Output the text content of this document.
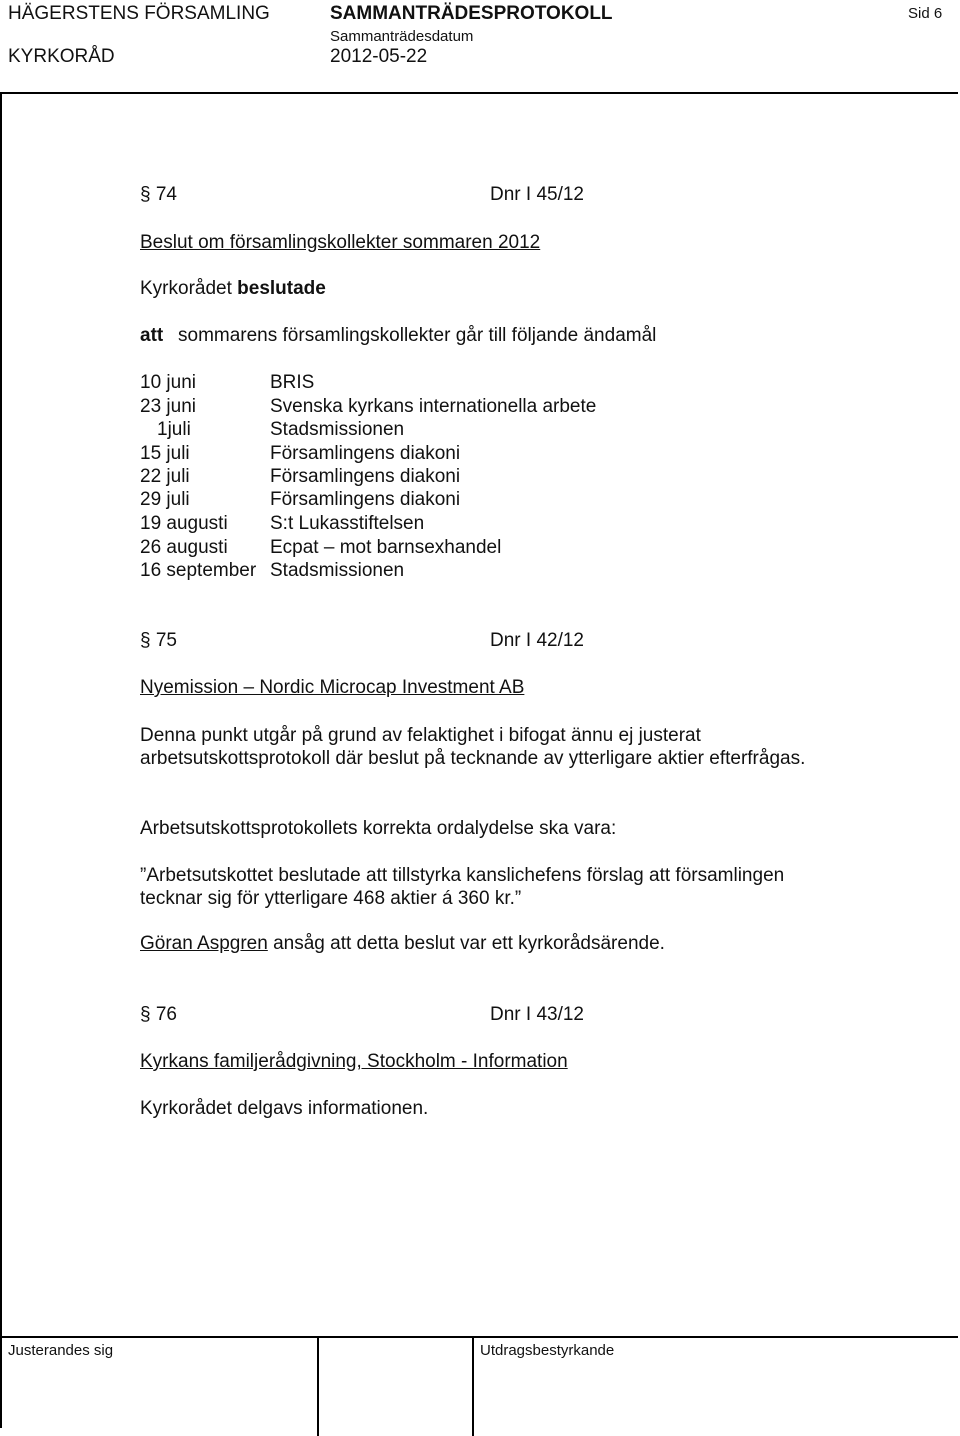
HÄGERSTENS FÖRSAMLING	SAMMANTRÄDESPROTOKOLL	Sid 6
Sammanträdesdatum
KYRKORÅD	2012-05-22
§ 74	Dnr I 45/12
Beslut om församlingskollekter sommaren 2012
Kyrkorådet beslutade
att sommarens församlingskollekter går till följande ändamål
10 juni	BRIS
23 juni	Svenska kyrkans internationella arbete
1juli	Stadsmissionen
15 juli	Församlingens diakoni
22 juli	Församlingens diakoni
29 juli	Församlingens diakoni
19 augusti S:t Lukasstiftelsen
26 augusti Ecpat – mot barnsexhandel
16 september Stadsmissionen
§ 75	Dnr I 42/12
Nyemission – Nordic Microcap Investment AB
Denna punkt utgår på grund av felaktighet i bifogat ännu ej justerat arbetsutskottsprotokoll där beslut på tecknande av ytterligare aktier efterfrågas.
Arbetsutskottsprotokollets korrekta ordalydelse ska vara:
”Arbetsutskottet beslutade att tillstyrka kanslichefens förslag att församlingen tecknar sig för ytterligare 468 aktier á 360 kr.”
Göran Aspgren ansåg att detta beslut var ett kyrkorådsärende.
§ 76	Dnr I 43/12
Kyrkans familjerådgivning, Stockholm - Information
Kyrkorådet delgavs informationen.
Justerandes sig	Utdragsbestyrkande
